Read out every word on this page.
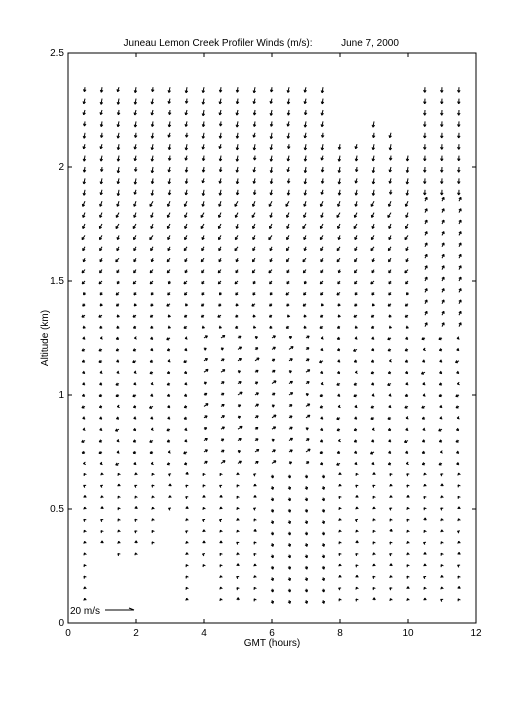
Juneau Lemon Creek Profiler Winds (m/s):	June 7, 2000
GMT (hours)
Altitude (km)
0	2	4	6	8	10	12
0
0.5
1
1.5
2
2.5
20 m/s
